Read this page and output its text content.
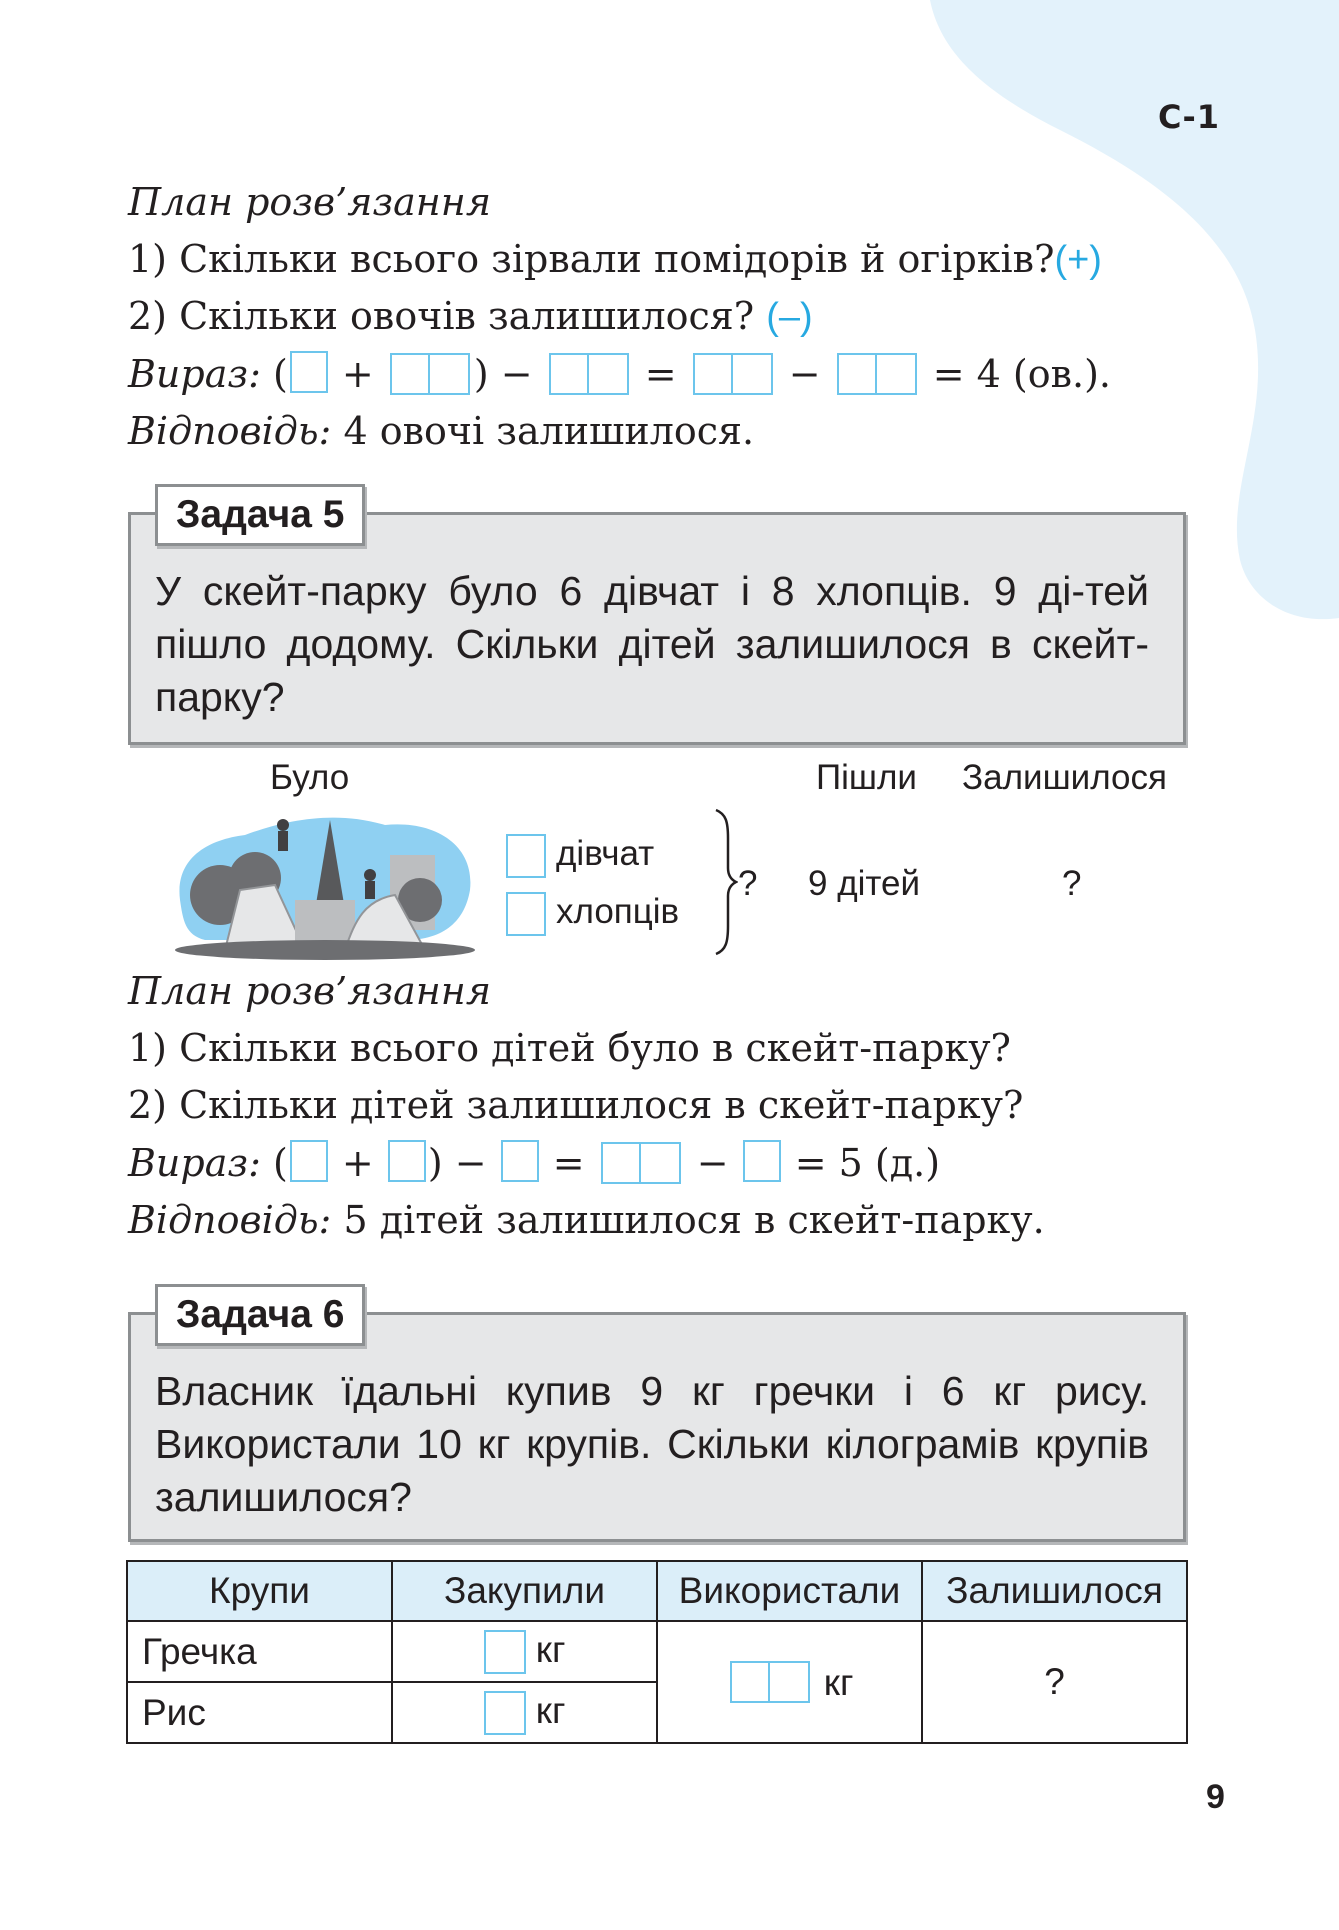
С-1
План розв’язання
1) Скільки всього зірвали помідорів й огірків?(+)
2) Скільки овочів залишилося? (–)
Вираз: ( +
) −
=
−	= 4 (ов.).
Відповідь: 4 овочі залишилося.
У скейт-парку було 6 дівчат і 8 хлопців. 9 ді-тей пішло додому. Скільки дітей залишилося в скейт-парку?
Задача 5
Було	Пішли Залишилося
дівчат
хлопців
? 9 дітей	?
План розв’язання
1) Скільки всього дітей було в скейт-парку?
2) Скільки дітей залишилося в скейт-парку?
Вираз: ( + ) −  =
−  = 5 (д.)
Відповідь: 5 дітей залишилося в скейт-парку.
Власник їдальні купив 9 кг гречки і 6 кг рису. Використали 10 кг крупів. Скільки кілограмів крупів залишилося?
Задача 6
Крупи	Закупили	Використали	Залишилося
Гречка	кг	кг	?
Рис	кг		
9
